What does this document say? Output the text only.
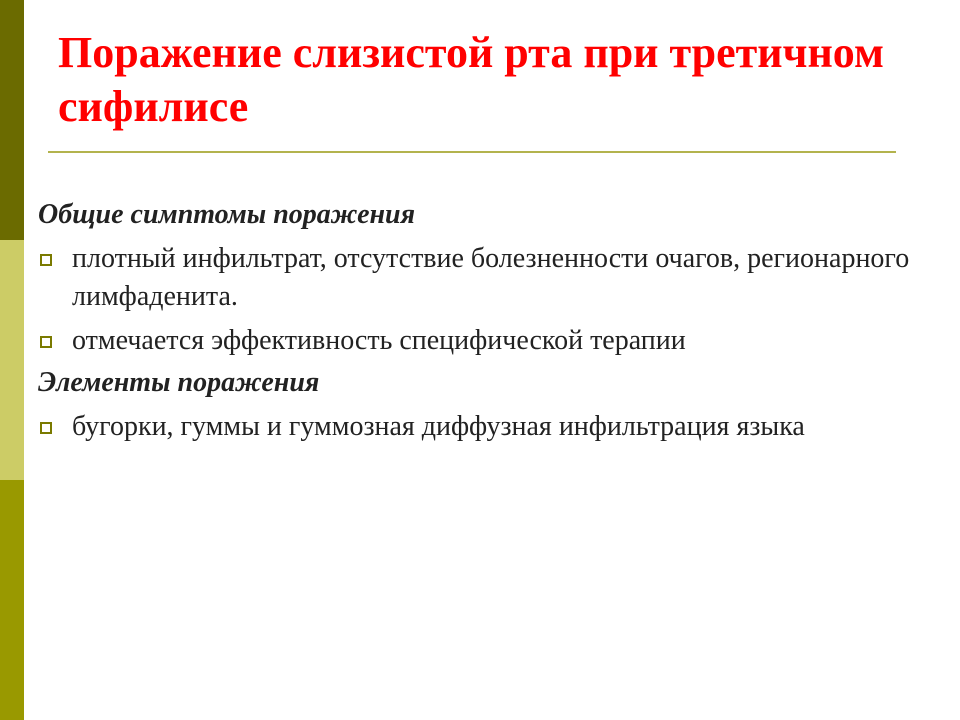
Поражение слизистой рта при третичном сифилисе

Общие симптомы поражения

плотный инфильтрат, отсутствие болезненности очагов, регионарного лимфаденита.
отмечается эффективность специфической терапии

Элементы поражения

бугорки, гуммы и гуммозная диффузная инфильтрация языка
